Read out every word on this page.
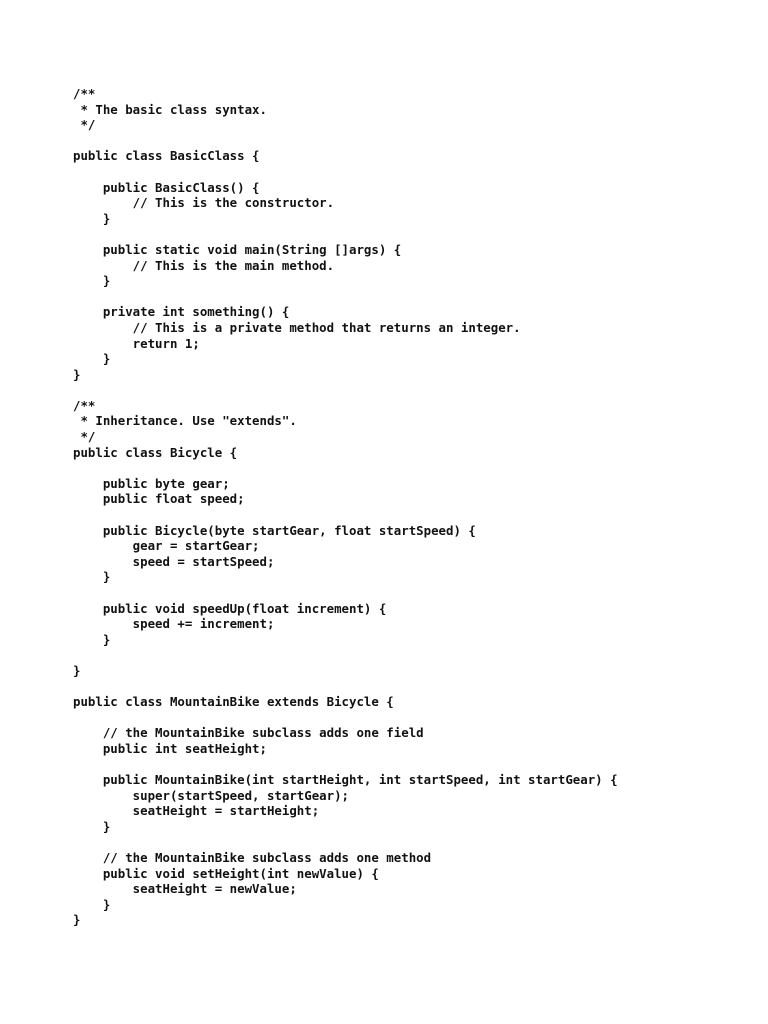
/**
* The basic class syntax.
*/
public class BasicClass {
public BasicClass() {
// This is the constructor.
}
public static void main(String []args) {
// This is the main method.
}
private int something() {
// This is a private method that returns an integer.
return 1;
}
}
/**
* Inheritance. Use "extends".
*/
public class Bicycle {
public byte gear;
public float speed;
public Bicycle(byte startGear, float startSpeed) {
gear = startGear;
speed = startSpeed;
}
public void speedUp(float increment) {
speed += increment;
}
}
public class MountainBike extends Bicycle {
// the MountainBike subclass adds one field
public int seatHeight;
public MountainBike(int startHeight, int startSpeed, int startGear) {
super(startSpeed, startGear);
seatHeight = startHeight;
}
// the MountainBike subclass adds one method
public void setHeight(int newValue) {
seatHeight = newValue;
}
}
